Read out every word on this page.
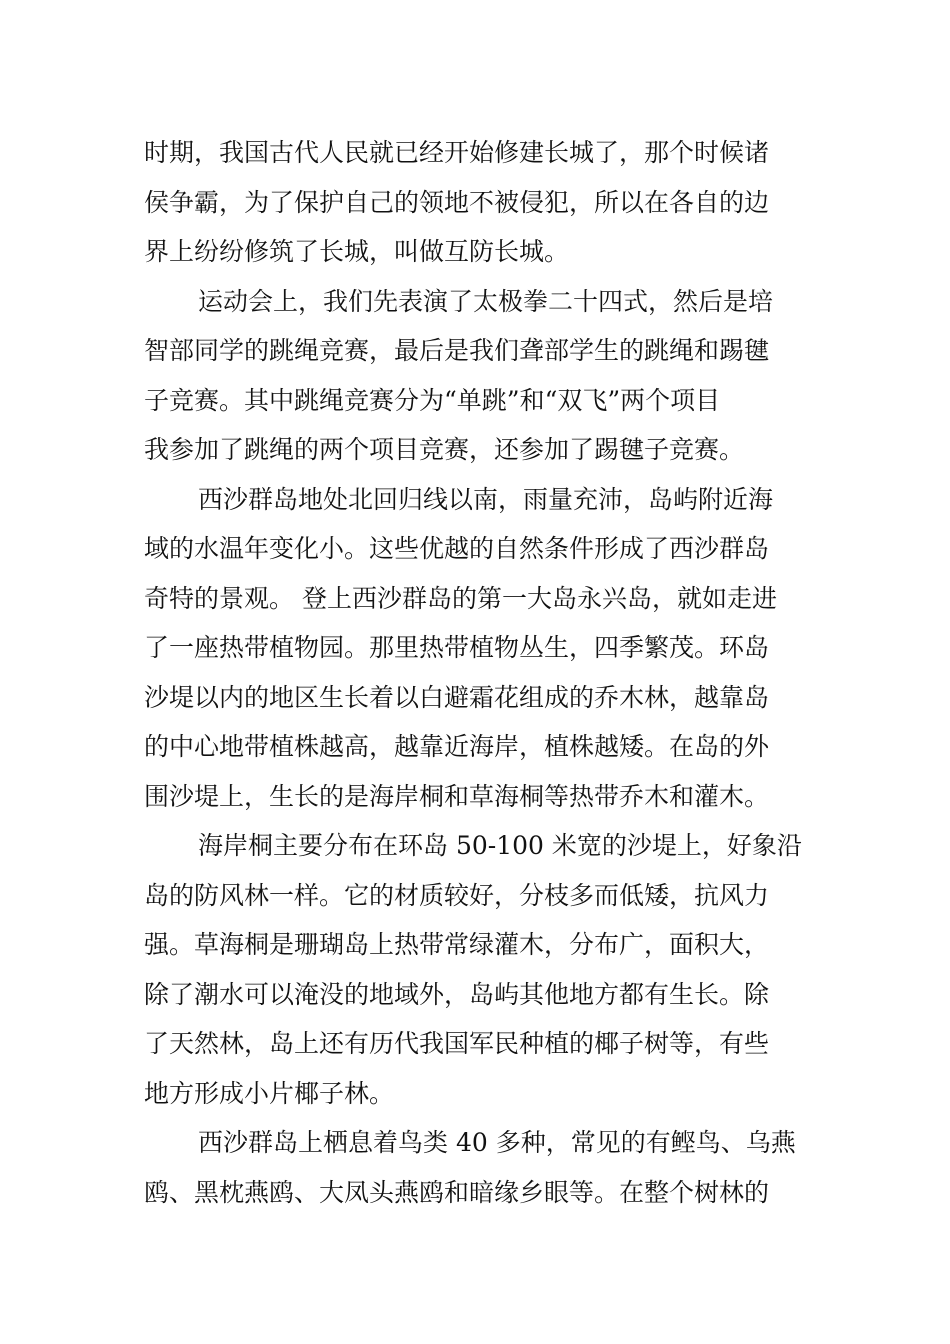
时期，我国古代人民就已经开始修建长城了，那个时候诸
侯争霸，为了保护自己的领地不被侵犯，所以在各自的边
界上纷纷修筑了长城，叫做互防长城。
运动会上，我们先表演了太极拳二十四式，然后是培
智部同学的跳绳竞赛，最后是我们聋部学生的跳绳和踢毽
子竞赛。其中跳绳竞赛分为“单跳”和“双飞”两个项目
我参加了跳绳的两个项目竞赛，还参加了踢毽子竞赛。
西沙群岛地处北回归线以南，雨量充沛，岛屿附近海
域的水温年变化小。这些优越的自然条件形成了西沙群岛
奇特的景观。 登上西沙群岛的第一大岛永兴岛，就如走进
了一座热带植物园。那里热带植物丛生，四季繁茂。环岛
沙堤以内的地区生长着以白避霜花组成的乔木林，越靠岛
的中心地带植株越高，越靠近海岸，植株越矮。在岛的外
围沙堤上，生长的是海岸桐和草海桐等热带乔木和灌木。
海岸桐主要分布在环岛 50-100 米宽的沙堤上，好象沿
岛的防风林一样。它的材质较好，分枝多而低矮，抗风力
强。草海桐是珊瑚岛上热带常绿灌木，分布广，面积大，
除了潮水可以淹没的地域外，岛屿其他地方都有生长。除
了天然林，岛上还有历代我国军民种植的椰子树等，有些
地方形成小片椰子林。
西沙群岛上栖息着鸟类 40 多种，常见的有鲣鸟、乌燕
鸥、黑枕燕鸥、大凤头燕鸥和暗缘乡眼等。在整个树林的
